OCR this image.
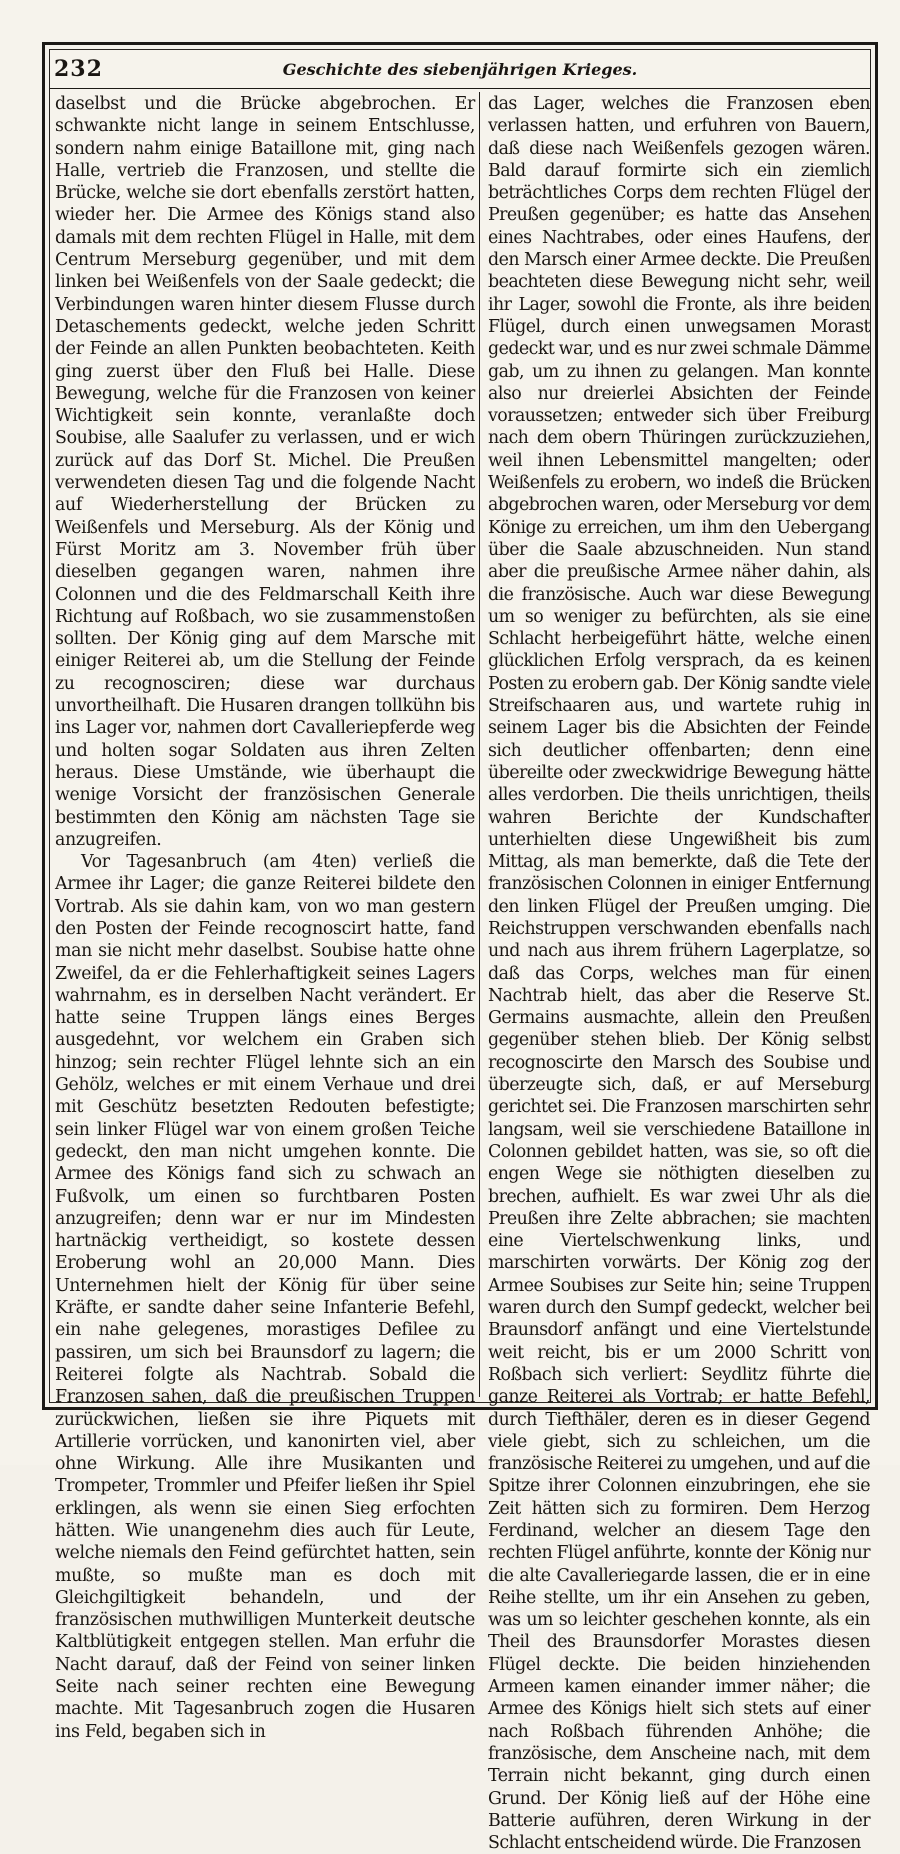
232	Geschichte des siebenjährigen Krieges.

daselbst und die Brücke abgebrochen. Er schwankte nicht lange in seinem Entschlusse, sondern nahm einige Bataillone mit, ging nach Halle, vertrieb die Franzosen, und stellte die Brücke, welche sie dort ebenfalls zerstört hatten, wieder her. Die Armee des Königs stand also damals mit dem rechten Flügel in Halle, mit dem Centrum Merseburg gegenüber, und mit dem linken bei Weißenfels von der Saale gedeckt; die Verbindungen waren hinter diesem Flusse durch Detaschements gedeckt, welche jeden Schritt der Feinde an allen Punkten beobachteten. Keith ging zuerst über den Fluß bei Halle. Diese Bewegung, welche für die Franzosen von keiner Wichtigkeit sein konnte, veranlaßte doch Soubise, alle Saalufer zu verlassen, und er wich zurück auf das Dorf St. Michel. Die Preußen verwendeten diesen Tag und die folgende Nacht auf Wiederherstellung der Brücken zu Weißenfels und Merseburg. Als der König und Fürst Moritz am 3. November früh über dieselben gegangen waren, nahmen ihre Colonnen und die des Feldmarschall Keith ihre Richtung auf Roßbach, wo sie zusammenstoßen sollten. Der König ging auf dem Marsche mit einiger Reiterei ab, um die Stellung der Feinde zu recognosciren; diese war durchaus unvortheilhaft. Die Husaren drangen tollkühn bis ins Lager vor, nahmen dort Cavalleriepferde weg und holten sogar Soldaten aus ihren Zelten heraus. Diese Umstände, wie überhaupt die wenige Vorsicht der französischen Generale bestimmten den König am nächsten Tage sie anzugreifen.

Vor Tagesanbruch (am 4ten) verließ die Armee ihr Lager; die ganze Reiterei bildete den Vortrab. Als sie dahin kam, von wo man gestern den Posten der Feinde recognoscirt hatte, fand man sie nicht mehr daselbst. Soubise hatte ohne Zweifel, da er die Fehlerhaftigkeit seines Lagers wahrnahm, es in derselben Nacht verändert. Er hatte seine Truppen längs eines Berges ausgedehnt, vor welchem ein Graben sich hinzog; sein rechter Flügel lehnte sich an ein Gehölz, welches er mit einem Verhaue und drei mit Geschütz besetzten Redouten befestigte; sein linker Flügel war von einem großen Teiche gedeckt, den man nicht umgehen konnte. Die Armee des Königs fand sich zu schwach an Fußvolk, um einen so furchtbaren Posten anzugreifen; denn war er nur im Mindesten hartnäckig vertheidigt, so kostete dessen Eroberung wohl an 20,000 Mann. Dies Unternehmen hielt der König für über seine Kräfte, er sandte daher seine Infanterie Befehl, ein nahe gelegenes, morastiges Defilee zu passiren, um sich bei Braunsdorf zu lagern; die Reiterei folgte als Nachtrab. Sobald die Franzosen sahen, daß die preußischen Truppen zurückwichen, ließen sie ihre Piquets mit Artillerie vorrücken, und kanonirten viel, aber ohne Wirkung. Alle ihre Musikanten und Trompeter, Trommler und Pfeifer ließen ihr Spiel erklingen, als wenn sie einen Sieg erfochten hätten. Wie unangenehm dies auch für Leute, welche niemals den Feind gefürchtet hatten, sein mußte, so mußte man es doch mit Gleichgiltigkeit behandeln, und der französischen muthwilligen Munterkeit deutsche Kaltblütigkeit entgegen stellen. Man erfuhr die Nacht darauf, daß der Feind von seiner linken Seite nach seiner rechten eine Bewegung machte. Mit Tagesanbruch zogen die Husaren ins Feld, begaben sich in

das Lager, welches die Franzosen eben verlassen hatten, und erfuhren von Bauern, daß diese nach Weißenfels gezogen wären. Bald darauf formirte sich ein ziemlich beträchtliches Corps dem rechten Flügel der Preußen gegenüber; es hatte das Ansehen eines Nachtrabes, oder eines Haufens, der den Marsch einer Armee deckte. Die Preußen beachteten diese Bewegung nicht sehr, weil ihr Lager, sowohl die Fronte, als ihre beiden Flügel, durch einen unwegsamen Morast gedeckt war, und es nur zwei schmale Dämme gab, um zu ihnen zu gelangen. Man konnte also nur dreierlei Absichten der Feinde voraussetzen; entweder sich über Freiburg nach dem obern Thüringen zurückzuziehen, weil ihnen Lebensmittel mangelten; oder Weißenfels zu erobern, wo indeß die Brücken abgebrochen waren, oder Merseburg vor dem Könige zu erreichen, um ihm den Uebergang über die Saale abzuschneiden. Nun stand aber die preußische Armee näher dahin, als die französische. Auch war diese Bewegung um so weniger zu befürchten, als sie eine Schlacht herbeigeführt hätte, welche einen glücklichen Erfolg versprach, da es keinen Posten zu erobern gab. Der König sandte viele Streifschaaren aus, und wartete ruhig in seinem Lager bis die Absichten der Feinde sich deutlicher offenbarten; denn eine übereilte oder zweckwidrige Bewegung hätte alles verdorben. Die theils unrichtigen, theils wahren Berichte der Kundschafter unterhielten diese Ungewißheit bis zum Mittag, als man bemerkte, daß die Tete der französischen Colonnen in einiger Entfernung den linken Flügel der Preußen umging. Die Reichstruppen verschwanden ebenfalls nach und nach aus ihrem frühern Lagerplatze, so daß das Corps, welches man für einen Nachtrab hielt, das aber die Reserve St. Germains ausmachte, allein den Preußen gegenüber stehen blieb. Der König selbst recognoscirte den Marsch des Soubise und überzeugte sich, daß, er auf Merseburg gerichtet sei. Die Franzosen marschirten sehr langsam, weil sie verschiedene Bataillone in Colonnen gebildet hatten, was sie, so oft die engen Wege sie nöthigten dieselben zu brechen, aufhielt. Es war zwei Uhr als die Preußen ihre Zelte abbrachen; sie machten eine Viertelschwenkung links, und marschirten vorwärts. Der König zog der Armee Soubises zur Seite hin; seine Truppen waren durch den Sumpf gedeckt, welcher bei Braunsdorf anfängt und eine Viertelstunde weit reicht, bis er um 2000 Schritt von Roßbach sich verliert: Seydlitz führte die ganze Reiterei als Vortrab; er hatte Befehl, durch Tiefthäler, deren es in dieser Gegend viele giebt, sich zu schleichen, um die französische Reiterei zu umgehen, und auf die Spitze ihrer Colonnen einzubringen, ehe sie Zeit hätten sich zu formiren. Dem Herzog Ferdinand, welcher an diesem Tage den rechten Flügel anführte, konnte der König nur die alte Cavalleriegarde lassen, die er in eine Reihe stellte, um ihr ein Ansehen zu geben, was um so leichter geschehen konnte, als ein Theil des Braunsdorfer Morastes diesen Flügel deckte. Die beiden hinziehenden Armeen kamen einander immer näher; die Armee des Königs hielt sich stets auf einer nach Roßbach führenden Anhöhe; die französische, dem Anscheine nach, mit dem Terrain nicht bekannt, ging durch einen Grund. Der König ließ auf der Höhe eine Batterie auführen, deren Wirkung in der Schlacht entscheidend würde. Die Franzosen
